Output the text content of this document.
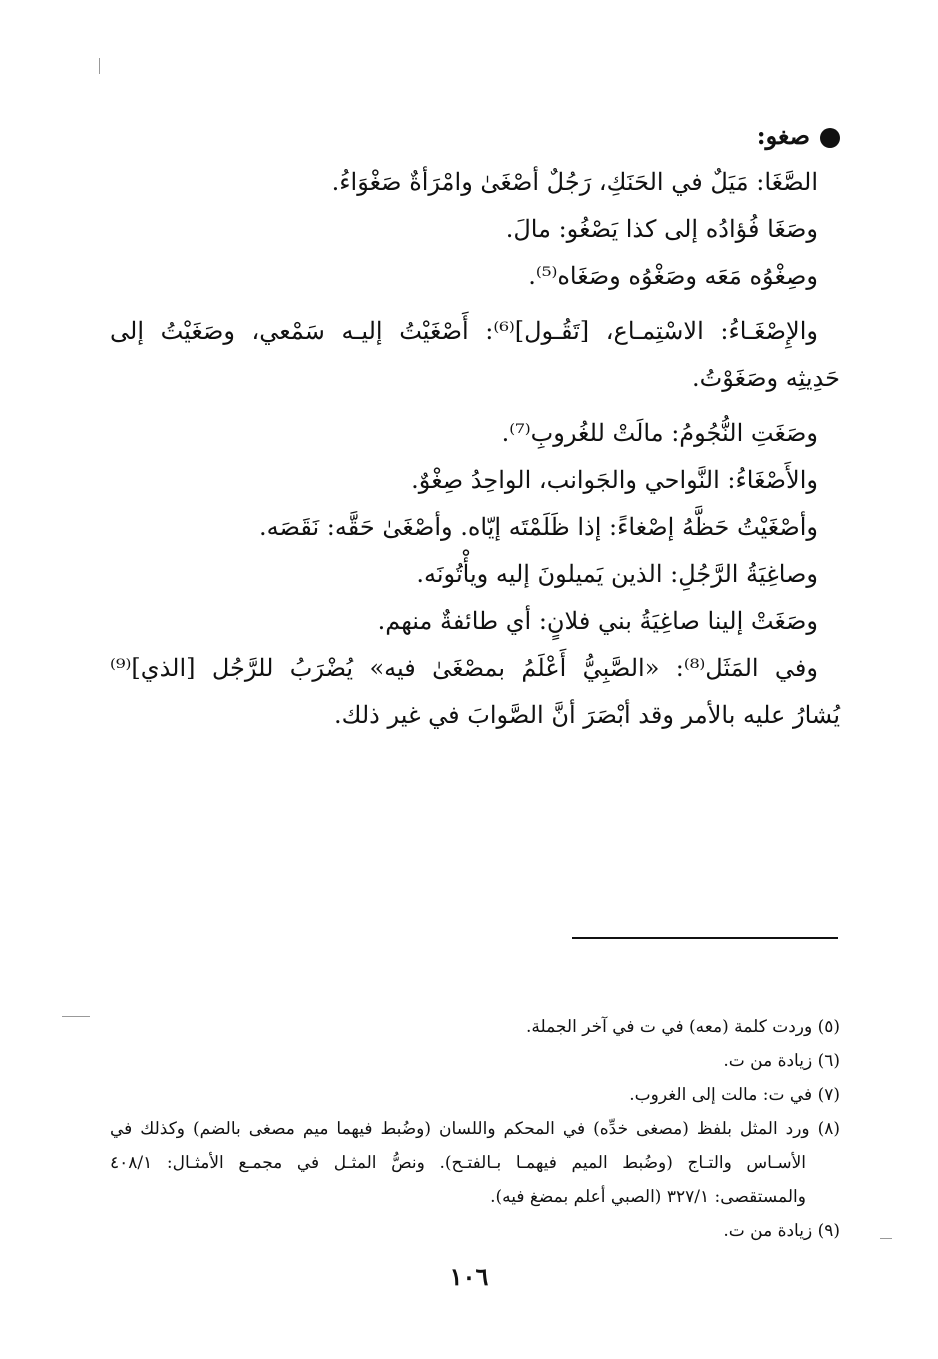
صغو:
الصَّغَا: مَيَلٌ في الحَنَكِ، رَجُلٌ أصْغَىٰ وامْرَأةٌ صَغْوَاءُ.
وصَغَا فُؤادُه إلى كذا يَصْغُو: مالَ.
وصِغْوُه مَعَه وصَغْوُه وصَغَاه⁽⁵⁾.
والإِصْغَـاءُ: الاسْتِمـاع، [تَقُـول]⁽⁶⁾: أَصْغَيْتُ إليـه سَمْعي، وصَغَيْتُ إلى
حَدِيثِه وصَغَوْتُ.
وصَغَتِ النُّجُومُ: مالَتْ للغُروبِ⁽⁷⁾.
والأَصْغَاءُ: النَّواحي والجَوانب، الواحِدُ صِغْوٌ.
وأصْغَيْتُ حَظَّهُ إصْغاءً: إذا ظَلَمْتَه إيّاه. وأصْغَىٰ حَقَّه: نَقَصَه.
وصاغِيَةُ الرَّجُلِ: الذين يَميلونَ إليه ويأْتُونَه.
وصَغَتْ إلينا صاغِيَةُ بني فلانٍ: أي طائفةٌ منهم.
وفي المَثَل⁽⁸⁾: «الصَّبِيُّ أَعْلَمُ بمصْغَىٰ فيه» يُضْرَبُ للرَّجُل [الذي]⁽⁹⁾
يُشارُ عليه بالأمر وقد أبْصَرَ أنَّ الصَّوابَ في غير ذلك.
(٥) وردت كلمة (معه) في ت في آخر الجملة.
(٦) زيادة من ت.
(٧) في ت: مالت إلى الغروب.
(٨) ورد المثل بلفظ (مصغى خدِّه) في المحكم واللسان (وضُبط فيهما ميم مصغى بالضم) وكذلك في
الأسـاس والتـاج (وضُبط الميم فيهمـا بـالفتـح). ونصُّ المثـل في مجمـع الأمثـال: ٤٠٨/١
والمستقصى: ٣٢٧/١ (الصبي أعلم بمضغ فيه).
(٩) زيادة من ت.
١٠٦
